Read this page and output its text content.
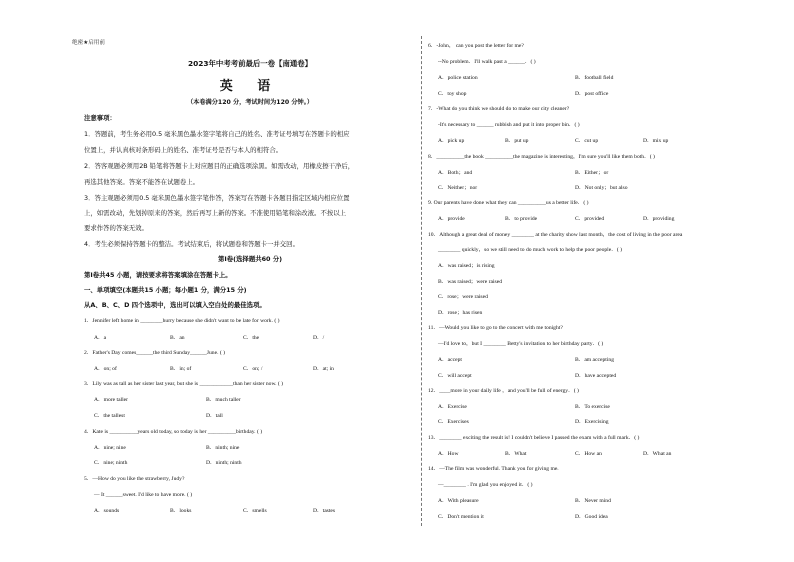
绝密★启用前
2023年中考考前最后一卷【南通卷】
英 语
（本卷满分120 分，考试时间为120 分钟。）
注意事项：
1．答题前，考生务必用0.5 毫米黑色墨水签字笔将自己的姓名、准考证号填写在答题卡的相应
位置上，并认真核对条形码上的姓名、准考证号是否与本人的相符合。
2．答客观题必须用2B 铅笔将答题卡上对应题目的正确选项涂黑。如需改动，用橡皮擦干净后，
再选其他答案。答案不能答在试题卷上。
3．答主观题必须用0.5 毫米黑色墨水签字笔作答，答案写在答题卡各题目指定区域内相应位置
上，如需改动，先划掉原来的答案，然后再写上新的答案。不准使用铅笔和涂改液。不按以上
要求作答的答案无效。
4．考生必须保持答题卡的整洁。考试结束后，将试题卷和答题卡一并交回。
第Ⅰ卷(选择题共60 分)
第Ⅰ卷共45 小题，请按要求将答案填涂在答题卡上。
一、单项填空(本题共15 小题；每小题1 分，满分15 分)
从A、B、C、D 四个选项中，选出可以填入空白处的最佳选项。
1．Jennifer left home in ________hurry because she didn't want to be late for work. ( )
A．a	B．an	C．the	D．/
2．Father's Day comes______the third Sunday______June. ( )
A．on; of	B．in; of	C．on; /	D．at; in
3．Lily was as tall as her sister last year, but she is ____________than her sister now. ( )
A．more taller	B．much taller
C．the tallest	D．tall
4．Kate is __________years old today, so today is her __________birthday. ( )
A．nine; nine	B．ninth; nine
C．nine; ninth	D．ninth; ninth
5．—How do you like the strawberry, Judy?
— It ______sweet. I'd like to have more. ( )
A．sounds	B．looks	C．smells	D．tastes
6．-John， can you post the letter for me?
--No problem．I'll walk past a ______．( )
A．police station	B．football field
C．toy shop	D．post office
7．-What do you think we should do to make our city cleaner?
-It's necessary to ______ rubbish and put it into proper bin．( )
A．pick up	B．put up	C．cut up	D．mix up
8．__________the book __________the magazine is interesting，I'm sure you'll like them both．( )
A．Both；and	B．Either；or
C．Neither；nor	D．Not only；but also
9. Our parents have done what they can __________us a better life．( )
A．provide	B．to provide	C．provided	D．providing
10．Although a great deal of money ________ at the charity show last month，the cost of living in the poor area
________ quickly，so we still need to do much work to help the poor people．( )
A．was raised；is rising
B．was raised；were raised
C．rose；were raised
D．rose；has risen
11．—Would you like to go to the concert with me tonight?
—I'd love to，but I ________ Betty's invitation to her birthday party．( )
A．accept	B．am accepting
C．will accept	D．have accepted
12．____more in your daily life ，and you'll be full of energy．( )
A．Exercise	B．To exercise
C．Exercises	D．Exercising
13．________ exciting the result is! I couldn't believe I passed the exam with a full mark．( )
A．How	B．What	C．How an	D．What an
14．—The film was wonderful. Thank you for giving me.
—________ . I'm glad you enjoyed it．( )
A．With pleasure	B．Never mind
C．Don't mention it	D．Good idea
